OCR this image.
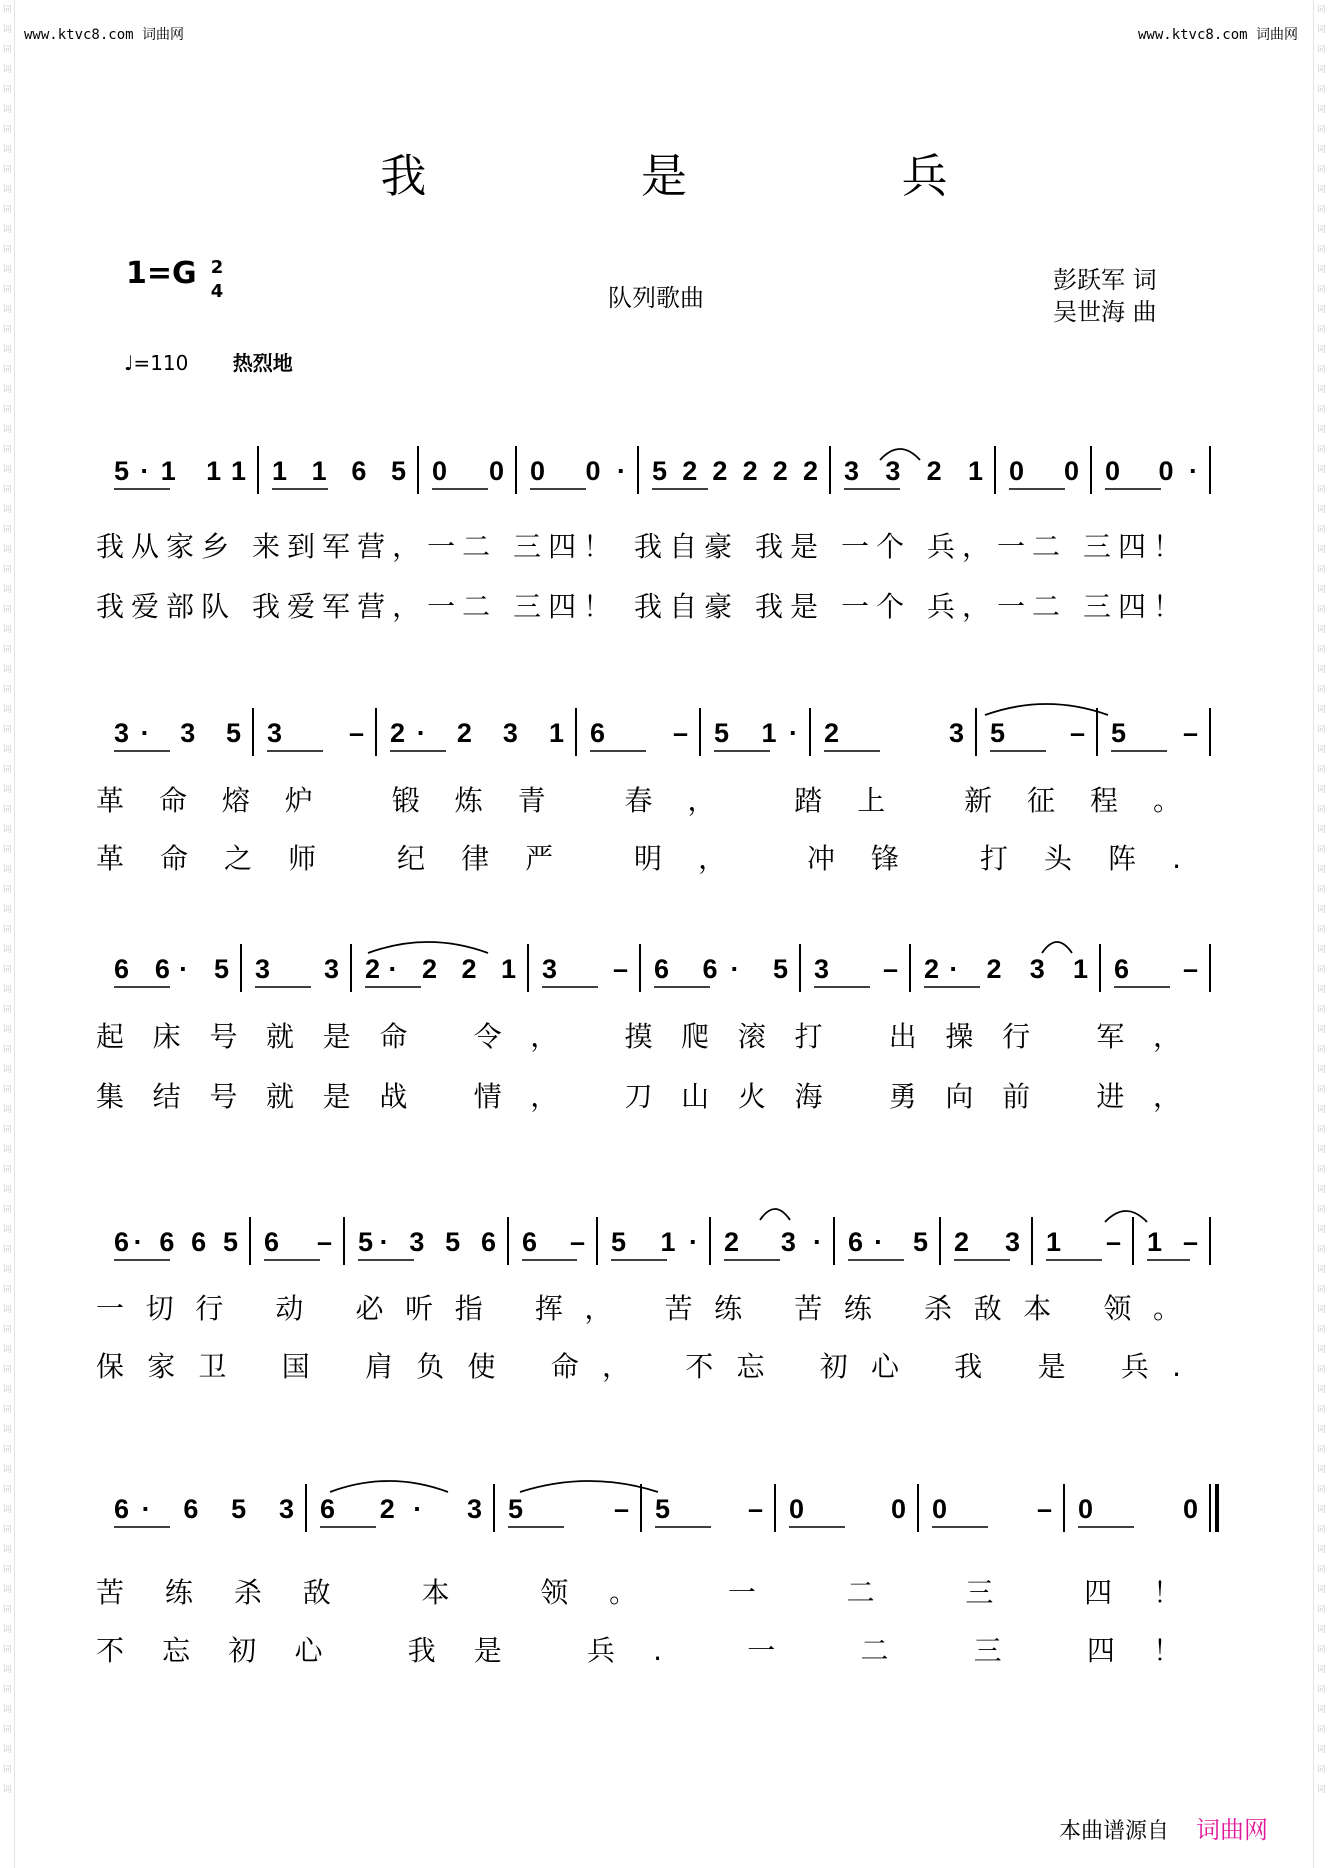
词
词
词
词
词
词
词
词
词
词
词
词
词
词
词
词
词
词
词
词
词
词
词
词
词
词
词
词
词
词
词
词
词
词
词
词
词
词
词
词
词
词
词
词
词
词
词
词
词
词
词
词
词
词
词
词
词
词
词
词
词
词
词
词
词
词
词
词
词
词
词
词
词
词
词
词
词
词
词
词
词
词
词
词
词
词
词
词
词
词
词
词
词
词
词
词
词
词
词
词
词
词
词
词
词
词
词
词
词
词
词
词
词
词
词
词
词
词
词
词
词
词
词
词
词
词
词
词
词
词
词
词
词
词
词
词
词
词
词
词
词
词
词
词
词
词
词
词
词
词
词
词
词
词
词
词
词
词
词
词
词
词
词
词
词
词
词
词
词
词
词
词
词
词
词
词
词
词
词
词
www.ktvc8.com 词曲网	www.ktvc8.com 词曲网
我 是 兵
1=G 2
4	队列歌曲
彭跃军 词
吴世海 曲
♩=110 热烈地
5·1 11 1 1 6 5 0 0 0 0· 5 2 2 2 2 2 3 3 2 1 0 0 0 0·
我从家乡 来到军营，一二 三四！ 我自豪 我是 一个 兵，一二 三四！
我爱部队 我爱军营，一二 三四！ 我自豪 我是 一个 兵，一二 三四！
3· 3 5 3 – 2· 2 3 1 6 – 5 1· 2 3 5 – 5 –
革命熔炉 锻炼青 春， 踏上 新征程。
革命之师 纪律严 明， 冲锋 打头阵.
6 6· 5 3 3 2· 2 2 1 3 – 6 6· 5 3 – 2· 2 3 1 6 –
起床号就是命 令， 摸爬滚打 出操行 军，
集结号就是战 情， 刀山火海 勇向前 进，
6· 6 6 5 6 – 5· 3 5 6 6 – 5 1· 2 3· 6· 5 2 3 1 – 1 –
一切行 动 必听指 挥， 苦练 苦练 杀敌本 领。
保家卫 国 肩负使 命， 不忘 初心 我 是 兵.
6· 6 5 3 6 2· 3 5 – 5 – 0 0 0 – 0 0
苦练杀敌 本 领。 一 二 三 四！
不忘初心 我是 兵. 一 二 三 四！
本曲谱源自 词曲网
